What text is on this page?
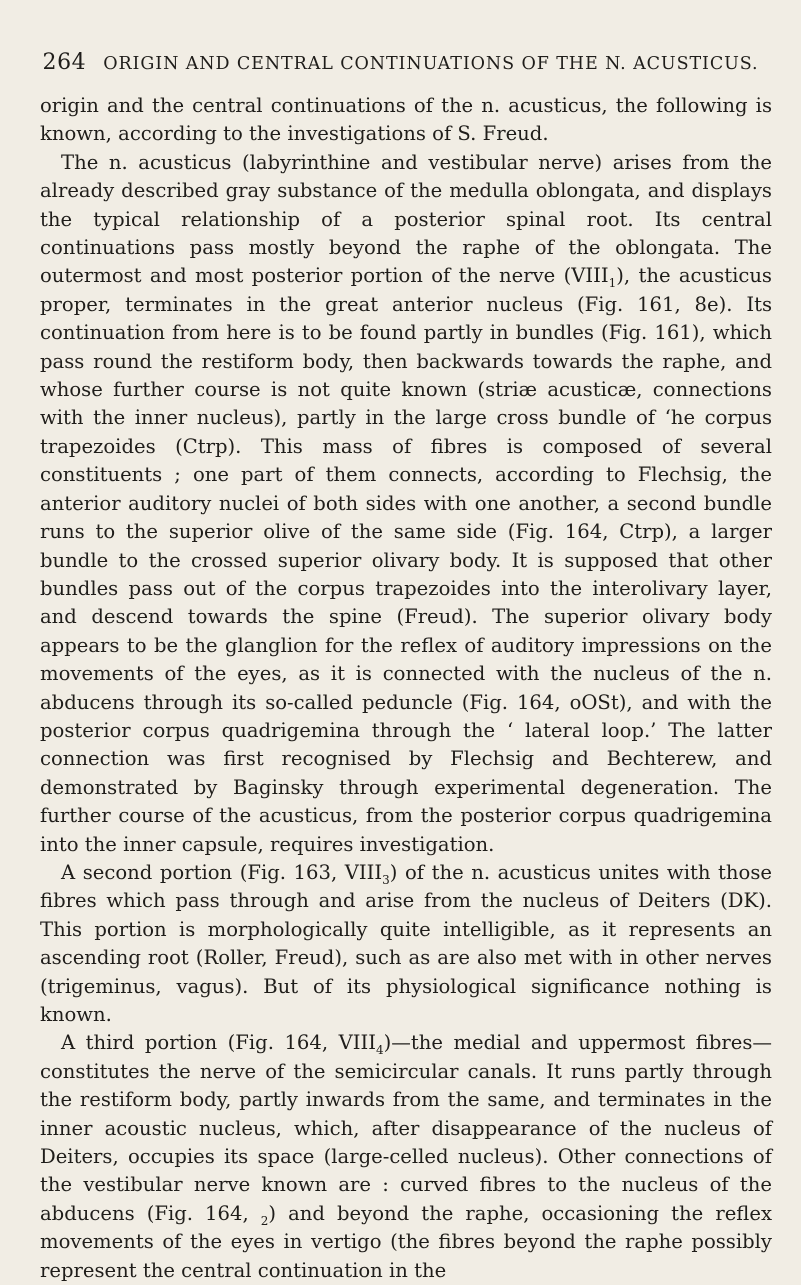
264 ORIGIN AND CENTRAL CONTINUATIONS OF THE N. ACUSTICUS.

origin and the central continuations of the n. acusticus, the following is known, according to the investigations of S. Freud.

The n. acusticus (labyrinthine and vestibular nerve) arises from the already described gray substance of the medulla oblongata, and displays the typical relationship of a posterior spinal root. Its central continuations pass mostly beyond the raphe of the oblongata. The outermost and most posterior portion of the nerve $(VIII_1)$, the acusticus proper, terminates in the great anterior nucleus (Fig. 161, 8e). Its continuation from here is to be found partly in bundles (Fig. 161), which pass round the restiform body, then backwards towards the raphe, and whose further course is not quite known (striæ acusticæ, connections with the inner nucleus), partly in the large cross bundle of ‘he corpus trapezoides (Ctrp). This mass of fibres is composed of several constituents ; one part of them connects, according to Flechsig, the anterior auditory nuclei of both sides with one another, a second bundle runs to the superior olive of the same side (Fig. 164, Ctrp), a larger bundle to the crossed superior olivary body. It is supposed that other bundles pass out of the corpus trapezoides into the interolivary layer, and descend towards the spine (Freud). The superior olivary body appears to be the glanglion for the reflex of auditory impressions on the movements of the eyes, as it is connected with the nucleus of the n. abducens through its so-called peduncle (Fig. 164, oOSt), and with the posterior corpus quadrigemina through the ‘ lateral loop.’ The latter connection was first recognised by Flechsig and Bechterew, and demonstrated by Baginsky through experimental degeneration. The further course of the acusticus, from the posterior corpus quadrigemina into the inner capsule, requires investigation.

A second portion (Fig. 163, $VIII_3$) of the n. acusticus unites with those fibres which pass through and arise from the nucleus of Deiters (DK). This portion is morphologically quite intelligible, as it represents an ascending root (Roller, Freud), such as are also met with in other nerves (trigeminus, vagus). But of its physiological significance nothing is known.

A third portion (Fig. 164, $VIII_4)—the$ medial and uppermost fibres—constitutes the nerve of the semicircular canals. It runs partly through the restiform body, partly inwards from the same, and terminates in the inner acoustic nucleus, which, after disappearance of the nucleus of Deiters, occupies its space (large-celled nucleus). Other connections of the vestibular nerve known are : curved fibres to the nucleus of the abducens (Fig. 164, $_2$) and beyond the raphe, occasioning the reflex movements of the eyes in vertigo (the fibres beyond the raphe possibly represent the central continuation in the
